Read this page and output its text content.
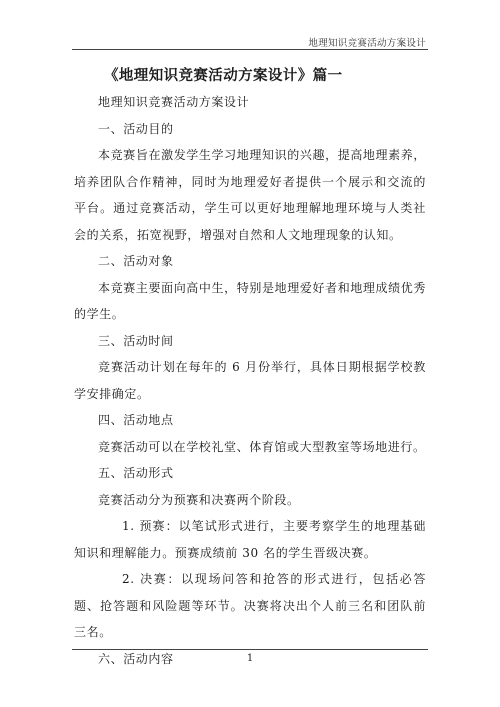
地理知识竞赛活动方案设计
《地理知识竞赛活动方案设计》篇一

地理知识竞赛活动方案设计

一、活动目的

本竞赛旨在激发学生学习地理知识的兴趣，提高地理素养，培养团队合作精神，同时为地理爱好者提供一个展示和交流的平台。通过竞赛活动，学生可以更好地理解地理环境与人类社会的关系，拓宽视野，增强对自然和人文地理现象的认知。

二、活动对象

本竞赛主要面向高中生，特别是地理爱好者和地理成绩优秀的学生。

三、活动时间

竞赛活动计划在每年的 6 月份举行，具体日期根据学校教学安排确定。

四、活动地点

竞赛活动可以在学校礼堂、体育馆或大型教室等场地进行。

五、活动形式

竞赛活动分为预赛和决赛两个阶段。

1. 预赛：以笔试形式进行，主要考察学生的地理基础知识和理解能力。预赛成绩前 30 名的学生晋级决赛。

2. 决赛：以现场问答和抢答的形式进行，包括必答题、抢答题和风险题等环节。决赛将决出个人前三名和团队前三名。

六、活动内容	1
